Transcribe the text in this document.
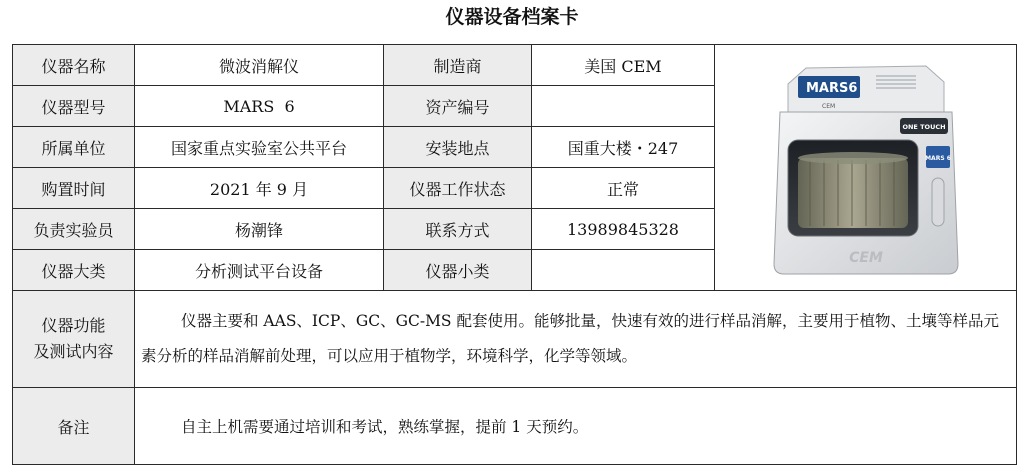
仪器设备档案卡
仪器名称	微波消解仪	制造商	美国 CEM
仪器型号	MARS  6	资产编号
所属单位	国家重点实验室公共平台	安装地点	国重大楼・247
购置时间	2021 年 9 月	仪器工作状态	正常
负责实验员	杨潮锋	联系方式	13989845328
仪器大类	分析测试平台设备	仪器小类
MARS6
CEM
ONE TOUCH
MARS 6
CEM
仪器功能
及测试内容

仪器主要和 AAS、ICP、GC、GC-MS 配套使用。能够批量，快速有效的进行样品消解，主要用于植物、土壤等样品元素分析的样品消解前处理，可以应用于植物学，环境科学，化学等领域。

备注	自主上机需要通过培训和考试，熟练掌握，提前 1 天预约。
